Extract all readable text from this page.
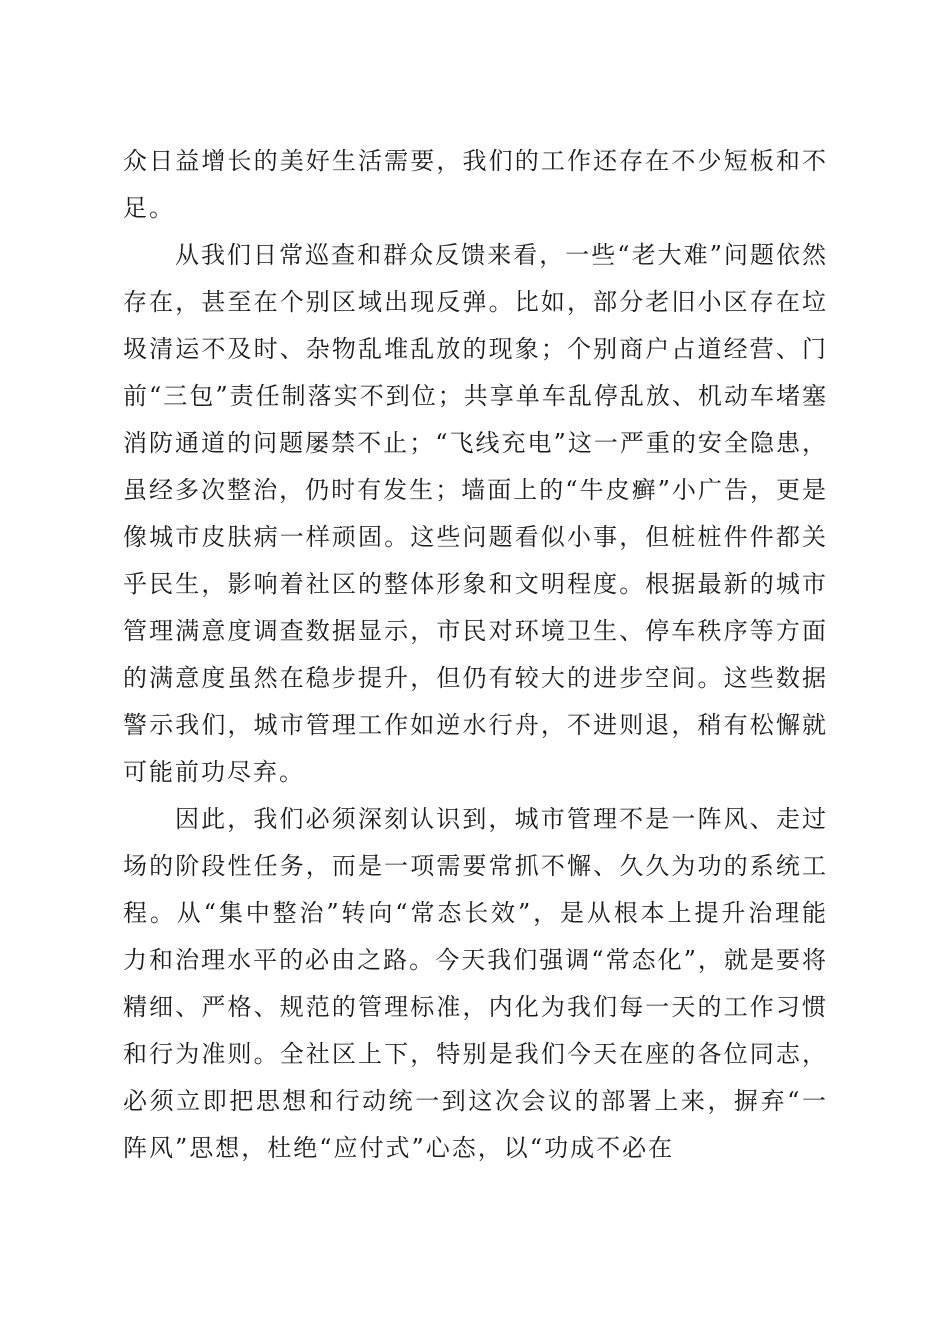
众日益增长的美好生活需要，我们的工作还存在不少短板和不足。

从我们日常巡查和群众反馈来看，一些“老大难”问题依然存在，甚至在个别区域出现反弹。比如，部分老旧小区存在垃圾清运不及时、杂物乱堆乱放的现象；个别商户占道经营、门前“三包”责任制落实不到位；共享单车乱停乱放、机动车堵塞消防通道的问题屡禁不止；“飞线充电”这一严重的安全隐患，虽经多次整治，仍时有发生；墙面上的“牛皮癣”小广告，更是像城市皮肤病一样顽固。这些问题看似小事，但桩桩件件都关乎民生，影响着社区的整体形象和文明程度。根据最新的城市管理满意度调查数据显示，市民对环境卫生、停车秩序等方面的满意度虽然在稳步提升，但仍有较大的进步空间。这些数据警示我们，城市管理工作如逆水行舟，不进则退，稍有松懈就可能前功尽弃。

因此，我们必须深刻认识到，城市管理不是一阵风、走过场的阶段性任务，而是一项需要常抓不懈、久久为功的系统工程。从“集中整治”转向“常态长效”，是从根本上提升治理能力和治理水平的必由之路。今天我们强调“常态化”，就是要将精细、严格、规范的管理标准，内化为我们每一天的工作习惯和行为准则。全社区上下，特别是我们今天在座的各位同志，必须立即把思想和行动统一到这次会议的部署上来，摒弃“一阵风”思想，杜绝“应付式”心态，以“功成不必在
